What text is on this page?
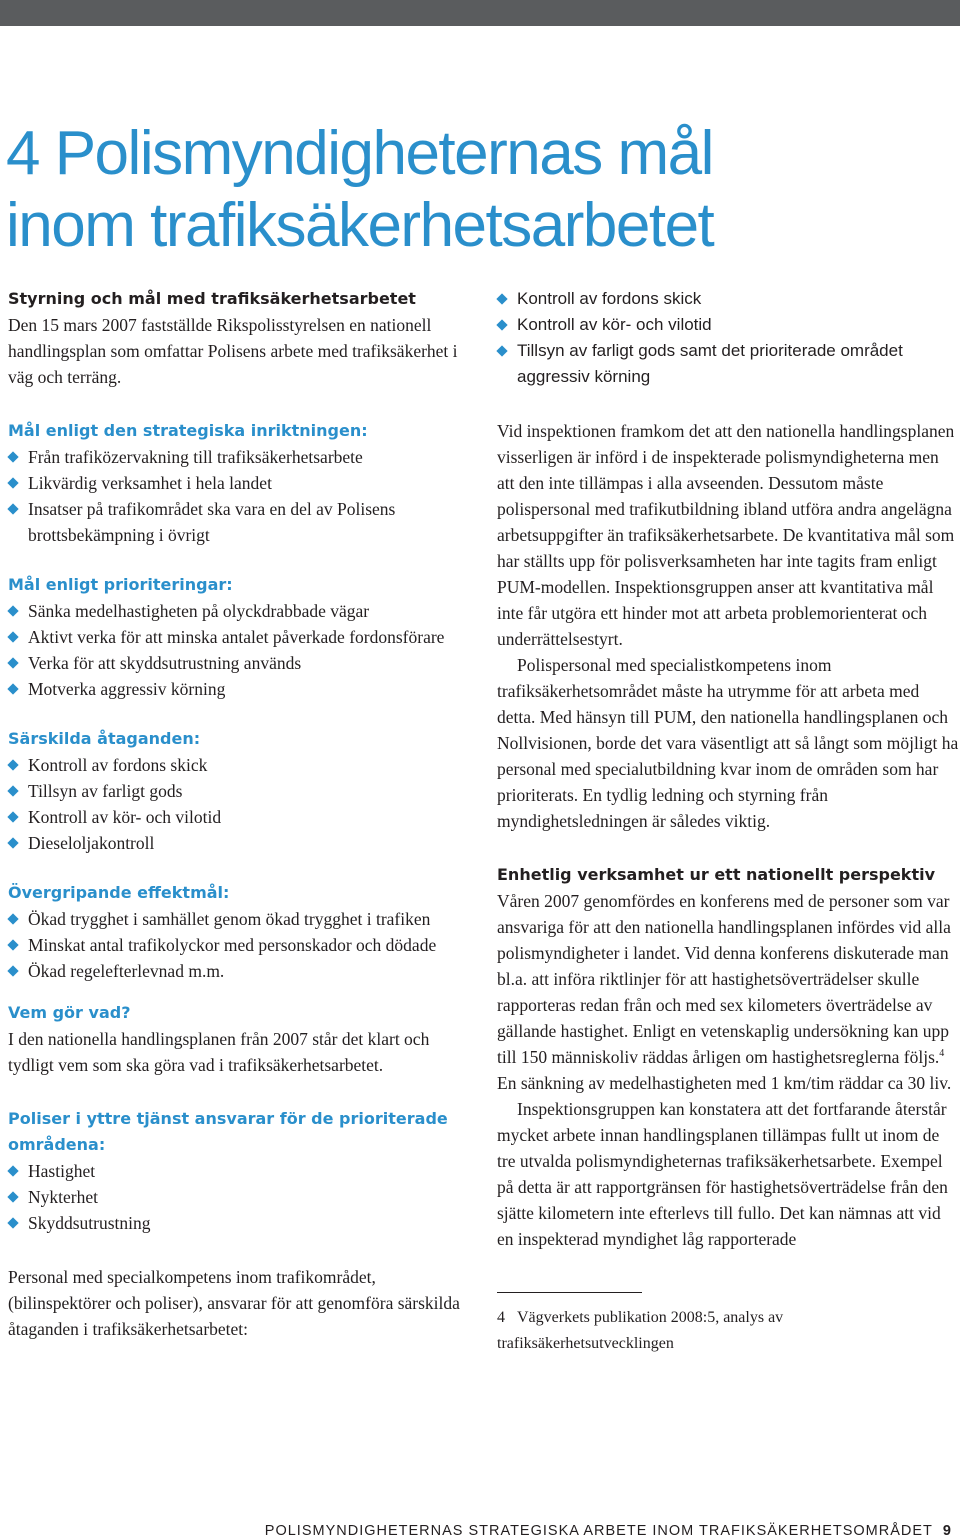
4 Polismyndigheternas mål
inom trafiksäkerhetsarbetet

Styrning och mål med trafiksäkerhetsarbetet

Den 15 mars 2007 fastställde Rikspolisstyrelsen en nationell handlingsplan som omfattar Polisens arbete med trafiksäkerhet i väg och terräng.

Mål enligt den strategiska inriktningen:

Från trafiközervakning till trafiksäkerhetsarbete
Likvärdig verksamhet i hela landet
Insatser på trafikområdet ska vara en del av Polisens brottsbekämpning i övrigt

Mål enligt prioriteringar:

Sänka medelhastigheten på olyckdrabbade vägar
Aktivt verka för att minska antalet påverkade fordonsförare
Verka för att skyddsutrustning används
Motverka aggressiv körning

Särskilda åtaganden:

Kontroll av fordons skick
Tillsyn av farligt gods
Kontroll av kör- och vilotid
Dieseloljakontroll

Övergripande effektmål:

Ökad trygghet i samhället genom ökad trygghet i trafiken
Minskat antal trafikolyckor med personskador och dödade
Ökad regelefterlevnad m.m.

Vem gör vad?

I den nationella handlingsplanen från 2007 står det klart och tydligt vem som ska göra vad i trafiksäkerhetsarbetet.

Poliser i yttre tjänst ansvarar för de prioriterade områdena:

Hastighet
Nykterhet
Skyddsutrustning

Personal med specialkompetens inom trafikområdet, (bilinspektörer och poliser), ansvarar för att genomföra särskilda åtaganden i trafiksäkerhetsarbetet:

Kontroll av fordons skick
Kontroll av kör- och vilotid
Tillsyn av farligt gods samt det prioriterade området aggressiv körning

Vid inspektionen framkom det att den nationella handlingsplanen visserligen är införd i de inspekterade polismyndigheterna men att den inte tillämpas i alla avseenden. Dessutom måste polispersonal med trafikutbildning ibland utföra andra angelägna arbetsuppgifter än trafiksäkerhetsarbete. De kvantitativa mål som har ställts upp för polisverksamheten har inte tagits fram enligt PUM-modellen. Inspektionsgruppen anser att kvantitativa mål inte får utgöra ett hinder mot att arbeta problemorienterat och underrättelsestyrt.

Polispersonal med specialistkompetens inom trafiksäkerhetsområdet måste ha utrymme för att arbeta med detta. Med hänsyn till PUM, den nationella handlingsplanen och Nollvisionen, borde det vara väsentligt att så långt som möjligt ha personal med specialutbildning kvar inom de områden som har prioriterats. En tydlig ledning och styrning från myndighetsledningen är således viktig.

Enhetlig verksamhet ur ett nationellt perspektiv

Våren 2007 genomfördes en konferens med de personer som var ansvariga för att den nationella handlingsplanen infördes vid alla polismyndigheter i landet. Vid denna konferens diskuterade man bl.a. att införa riktlinjer för att hastighetsöverträdelser skulle rapporteras redan från och med sex kilometers överträdelse av gällande hastighet. Enligt en vetenskaplig undersökning kan upp till 150 människoliv räddas årligen om hastighetsreglerna följs.$^4$ En sänkning av medelhastigheten med 1 km/tim räddar ca 30 liv.

Inspektionsgruppen kan konstatera att det fortfarande återstår mycket arbete innan handlingsplanen tillämpas fullt ut inom de tre utvalda polismyndigheternas trafiksäkerhetsarbete. Exempel på detta är att rapportgränsen för hastighetsöverträdelse från den sjätte kilometern inte efterlevs till fullo. Det kan nämnas att vid en inspekterad myndighet låg rapporterade

4 Vägverkets publikation 2008:5, analys av trafiksäkerhetsutvecklingen

POLISMYNDIGHETERNAS STRATEGISKA ARBETE INOM TRAFIKSÄKERHETSOMRÅDET 9
